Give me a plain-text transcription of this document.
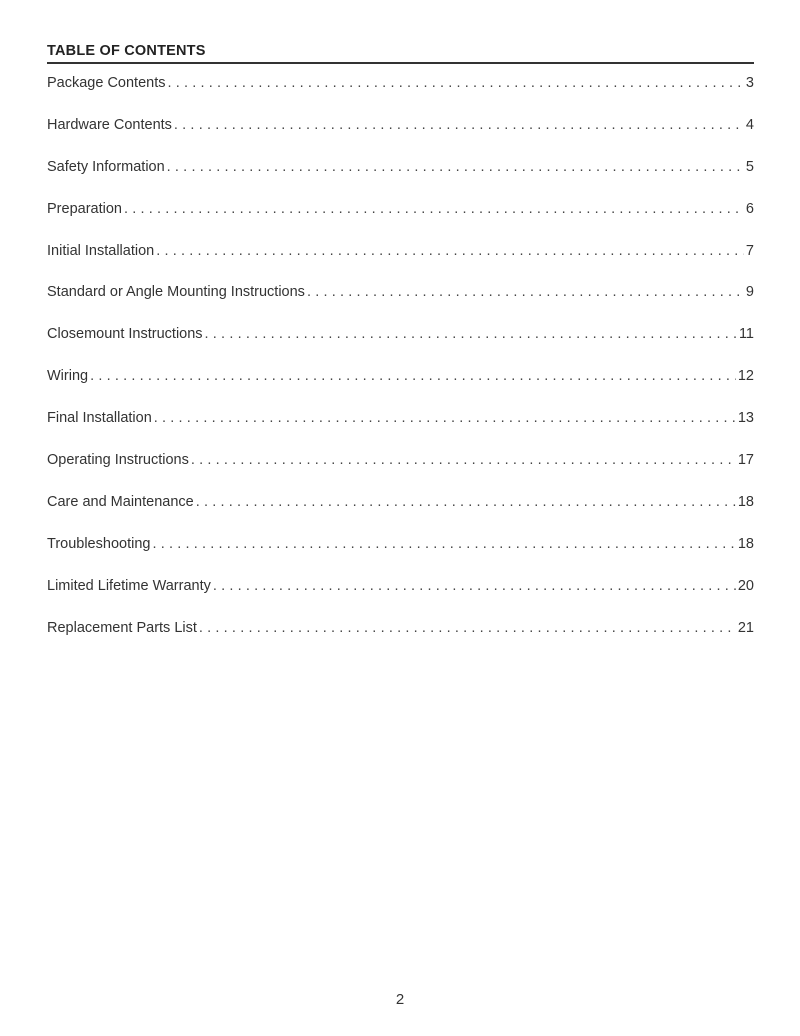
TABLE OF CONTENTS
Package Contents . . .	3
Hardware Contents . . .	4
Safety Information . . .	5
Preparation . . .	6
Initial Installation . . .	7
Standard or Angle Mounting Instructions . . .	9
Closemount Instructions . . .	11
Wiring . . .	12
Final Installation . . .	13
Operating Instructions . . .	17
Care and Maintenance . . .	18
Troubleshooting . . .	18
Limited Lifetime Warranty . . .	20
Replacement Parts List . . .	21
2
